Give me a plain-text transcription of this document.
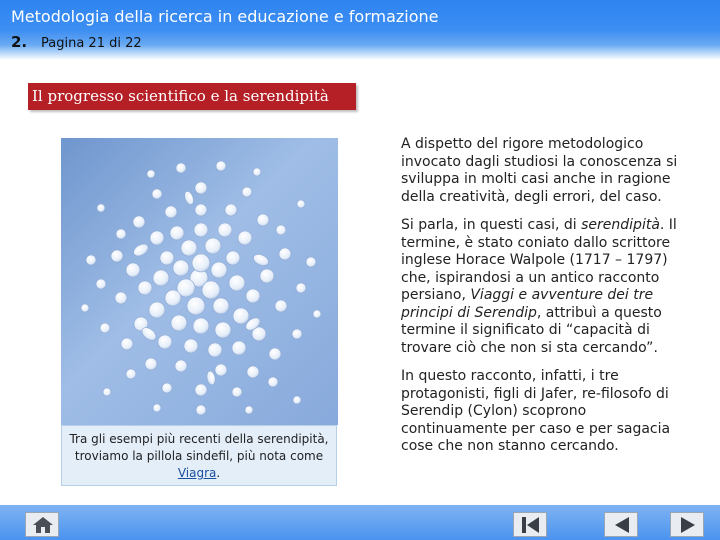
Metodologia della ricerca in educazione e formazione
2. Pagina 21 di 22
Il progresso scientifico e la serendipità
Tra gli esempi più recenti della serendipità, troviamo la pillola sindefil, più nota come Viagra.

A dispetto del rigore metodologico invocato dagli studiosi la conoscenza si sviluppa in molti casi anche in ragione della creatività, degli errori, del caso.

Si parla, in questi casi, di serendipità. Il termine, è stato coniato dallo scrittore inglese Horace Walpole (1717 – 1797) che, ispirandosi a un antico racconto persiano, Viaggi e avventure dei tre principi di Serendip, attribuì a questo termine il significato di “capacità di trovare ciò che non si sta cercando”.

In questo racconto, infatti, i tre protagonisti, figli di Jafer, re-filosofo di Serendip (Cylon) scoprono continuamente per caso e per sagacia cose che non stanno cercando.
